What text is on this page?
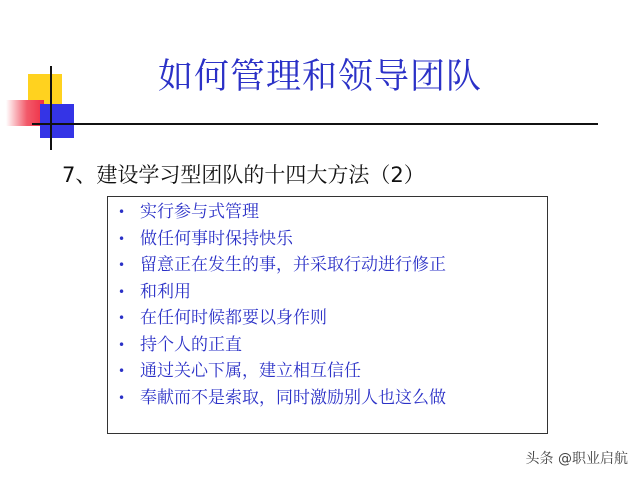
如何管理和领导团队
7、建设学习型团队的十四大方法（2）
• 实行参与式管理
• 做任何事时保持快乐
• 留意正在发生的事，并采取行动进行修正
• 和利用
• 在任何时候都要以身作则
• 持个人的正直
• 通过关心下属，建立相互信任
• 奉献而不是索取，同时激励别人也这么做
头条 @职业启航
